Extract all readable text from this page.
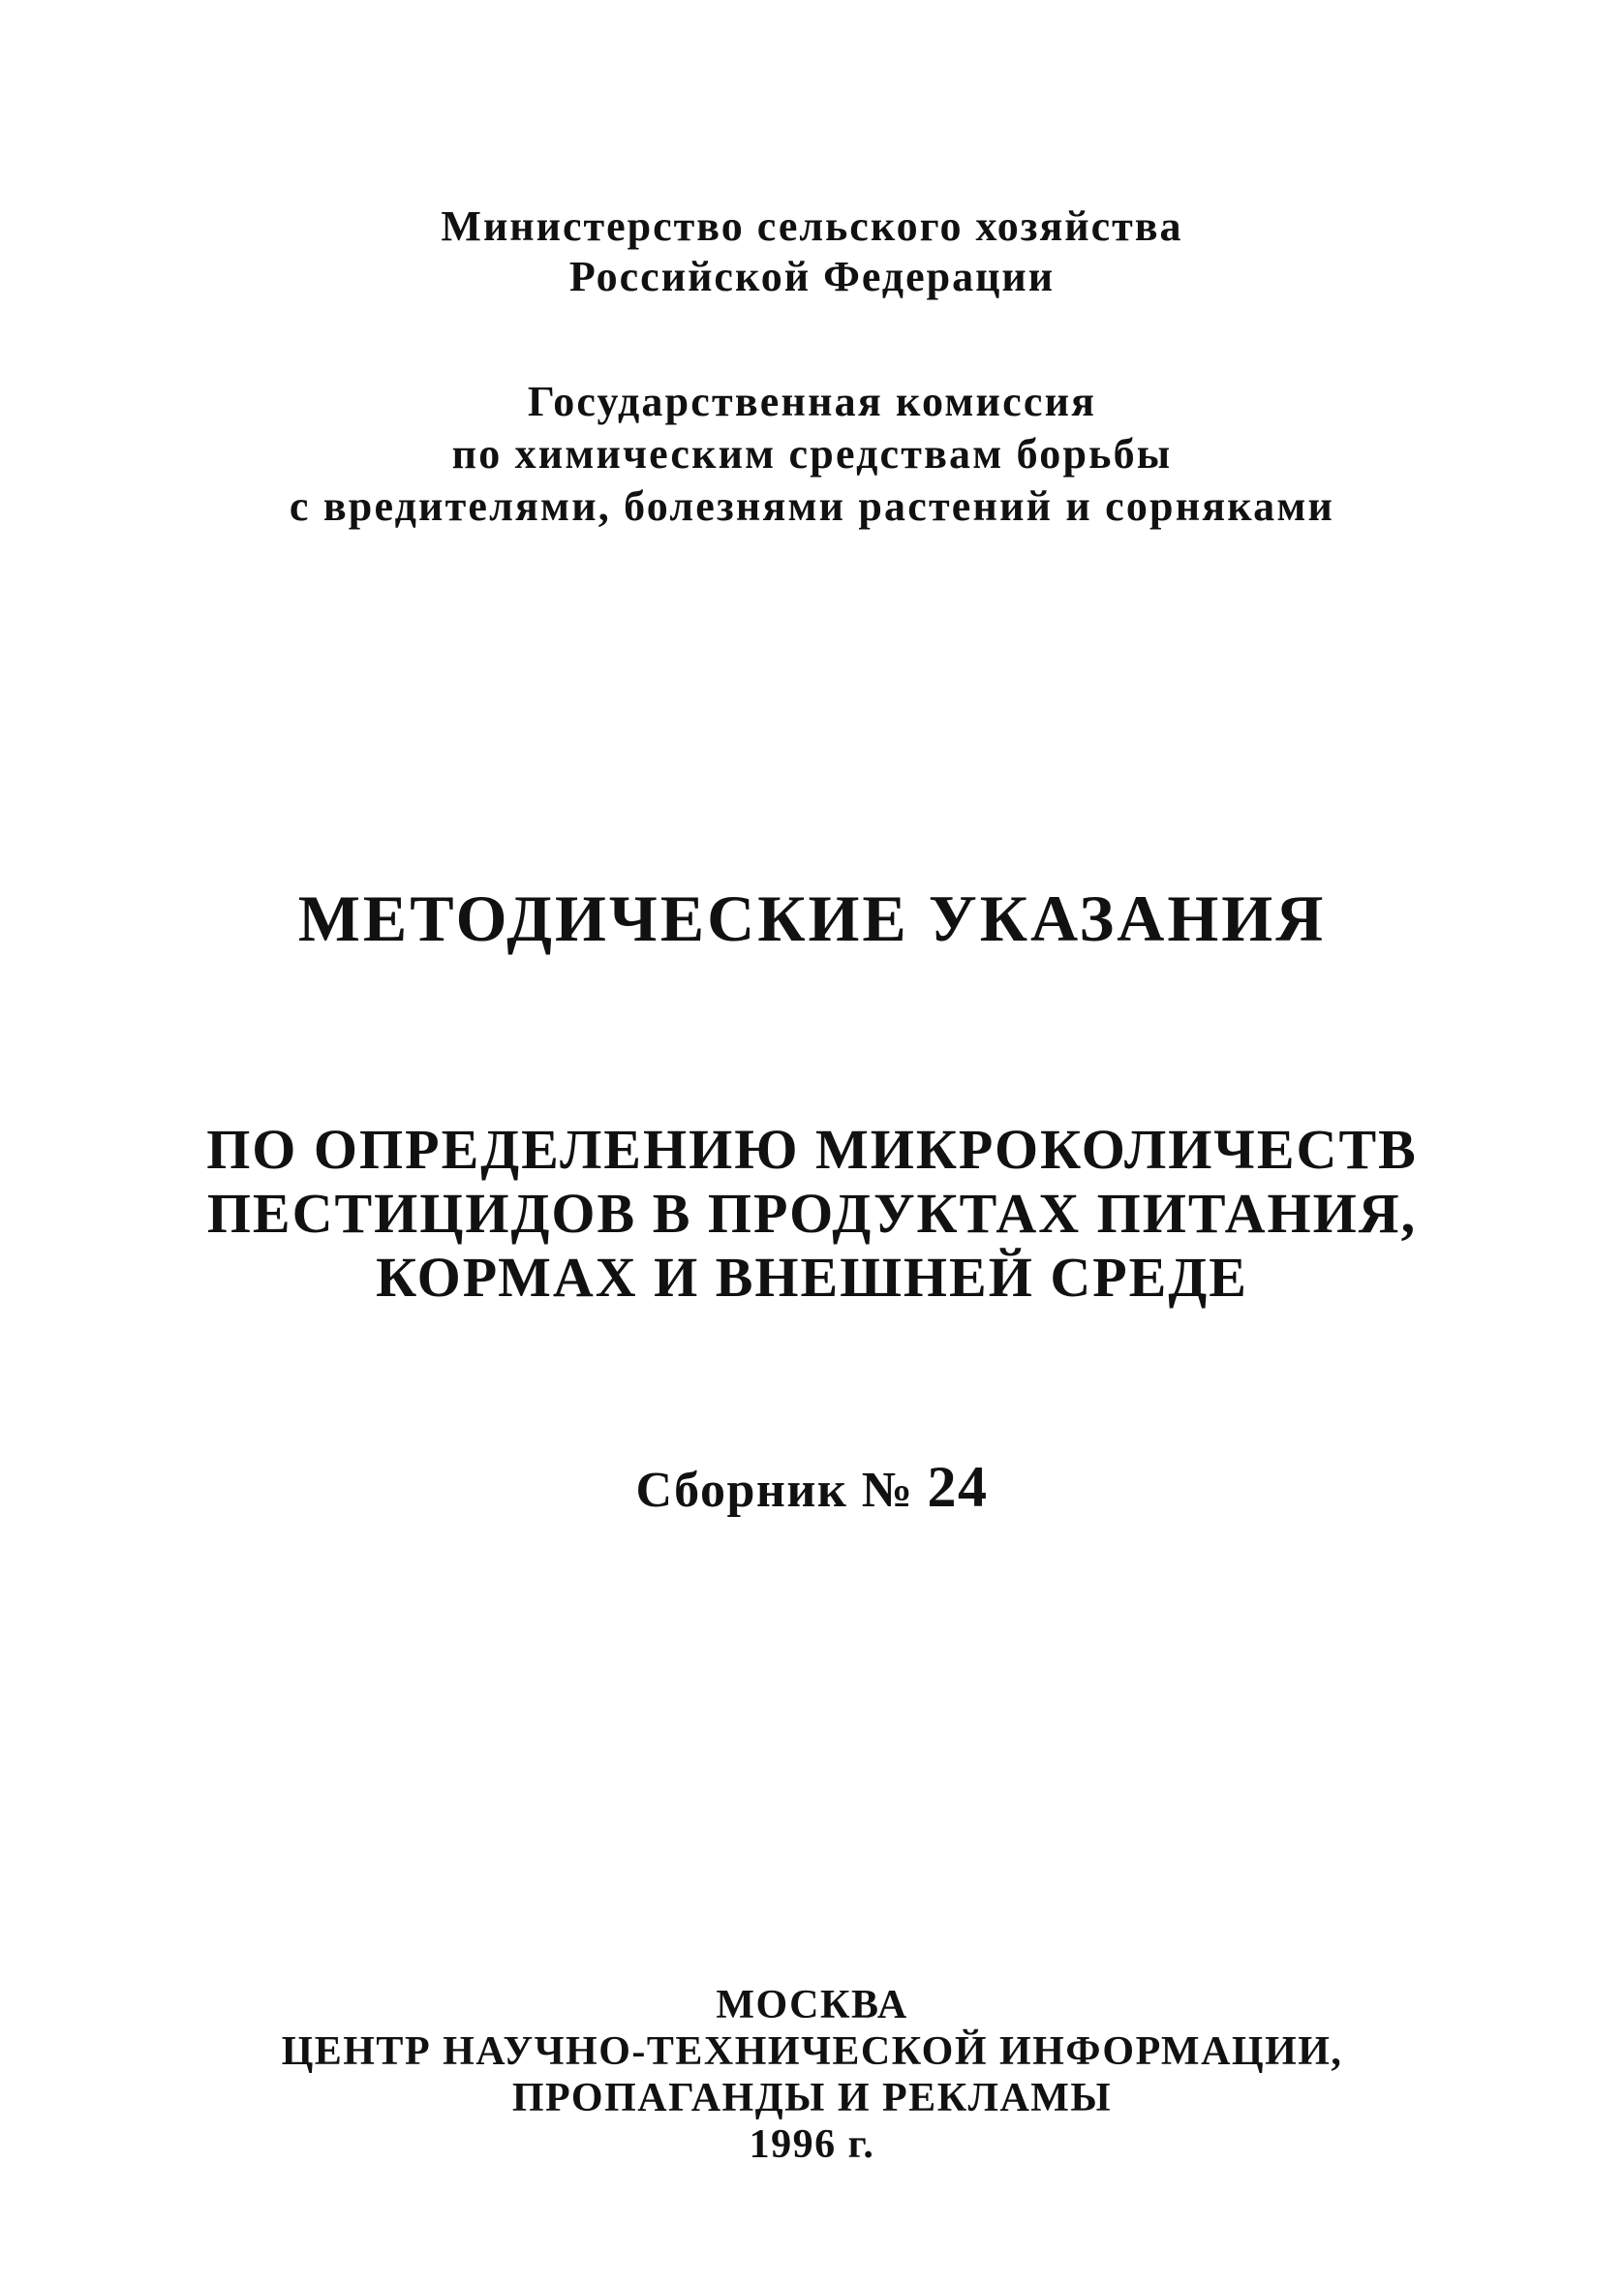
Министерство сельского хозяйства
Российской Федерации
Государственная комиссия
по химическим средствам борьбы
с вредителями, болезнями растений и сорняками
МЕТОДИЧЕСКИЕ УКАЗАНИЯ
ПО ОПРЕДЕЛЕНИЮ МИКРОКОЛИЧЕСТВ
ПЕСТИЦИДОВ В ПРОДУКТАХ ПИТАНИЯ,
КОРМАХ И ВНЕШНЕЙ СРЕДЕ
Сборник № 24
МОСКВА
ЦЕНТР НАУЧНО-ТЕХНИЧЕСКОЙ ИНФОРМАЦИИ,
ПРОПАГАНДЫ И РЕКЛАМЫ
1996 г.
